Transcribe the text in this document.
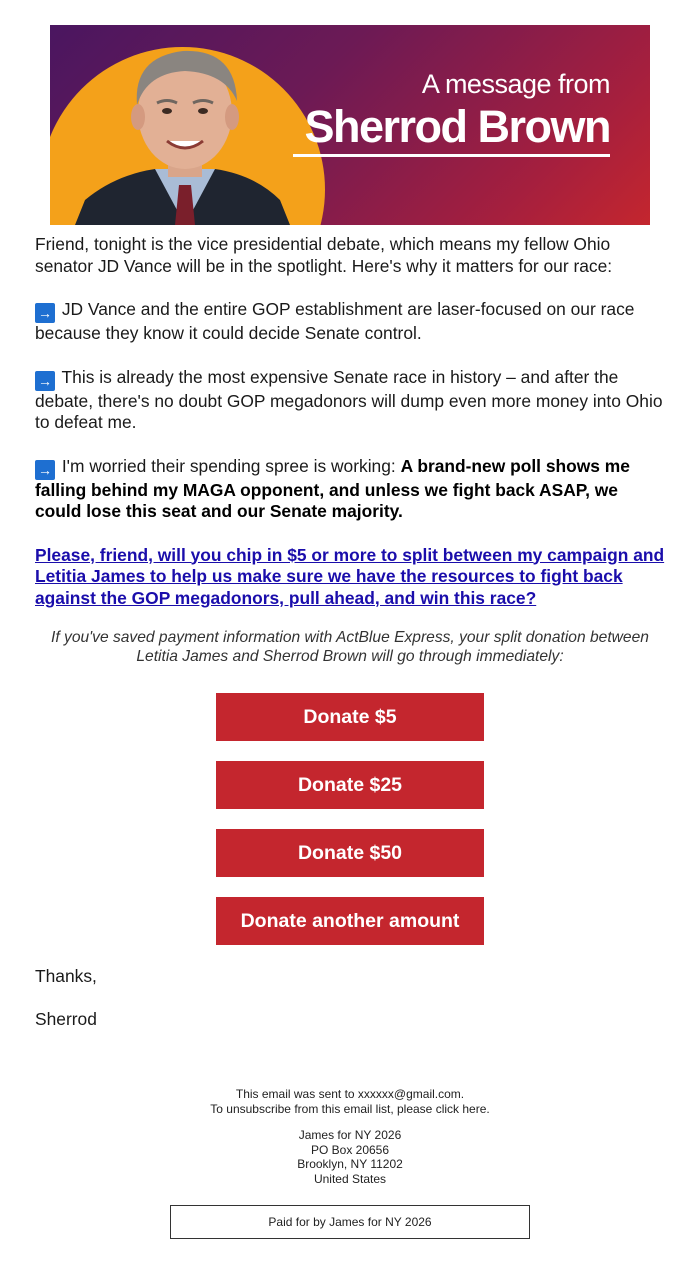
A message from
Sherrod Brown

Friend, tonight is the vice presidential debate, which means my fellow Ohio senator JD Vance will be in the spotlight. Here's why it matters for our race:

→ JD Vance and the entire GOP establishment are laser-focused on our race because they know it could decide Senate control.

→ This is already the most expensive Senate race in history – and after the debate, there's no doubt GOP megadonors will dump even more money into Ohio to defeat me.

→ I'm worried their spending spree is working: A brand-new poll shows me falling behind my MAGA opponent, and unless we fight back ASAP, we could lose this seat and our Senate majority.

Please, friend, will you chip in $5 or more to split between my campaign and Letitia James to help us make sure we have the resources to fight back against the GOP megadonors, pull ahead, and win this race?

If you've saved payment information with ActBlue Express, your split donation between Letitia James and Sherrod Brown will go through immediately:
Donate $5
Donate $25
Donate $50
Donate another amount
Thanks,
Sherrod
This email was sent to xxxxxx@gmail.com.
To unsubscribe from this email list, please click here.
James for NY 2026
PO Box 20656
Brooklyn, NY 11202
United States
Paid for by James for NY 2026
